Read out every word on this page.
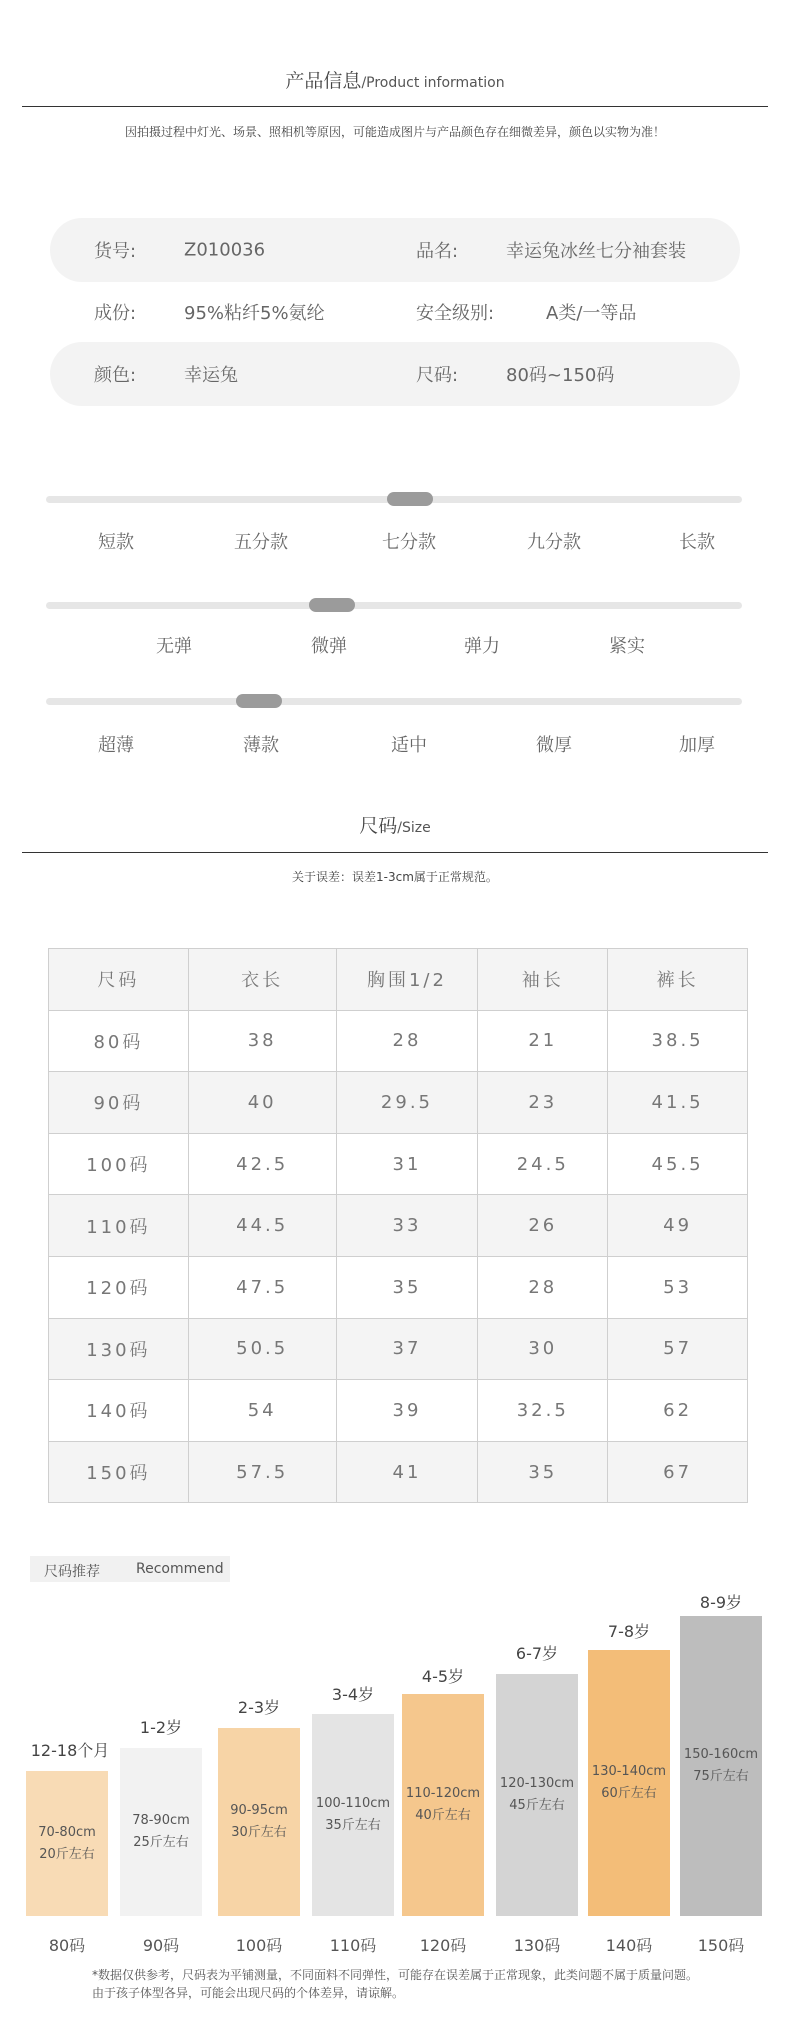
产品信息/Product information
因拍摄过程中灯光、场景、照相机等原因，可能造成图片与产品颜色存在细微差异，颜色以实物为准！
货号:	Z010036	品名:	幸运兔冰丝七分袖套装
成份:	95%粘纤5%氨纶	安全级别:	A类/一等品
颜色:	幸运兔	尺码:	80码~150码
短款	五分款	七分款	九分款	长款
无弹	微弹	弹力	紧实
超薄	薄款	适中	微厚	加厚
尺码/Size
关于误差：误差1-3cm属于正常规范。
尺码	衣长	胸围1/2	袖长	裤长
80码	38	28	21	38.5
90码	40	29.5	23	41.5
100码	42.5	31	24.5	45.5
110码	44.5	33	26	49
120码	47.5	35	28	53
130码	50.5	37	30	57
140码	54	39	32.5	62
150码	57.5	41	35	67
尺码推荐	Recommend
12-18个月
70-80cm
20斤左右
80码
1-2岁
78-90cm
25斤左右
90码
2-3岁
90-95cm
30斤左右
100码
3-4岁
100-110cm
35斤左右
110码
4-5岁
110-120cm
40斤左右
120码
6-7岁
120-130cm
45斤左右
130码
7-8岁
130-140cm
60斤左右
140码
8-9岁
150-160cm
75斤左右
150码
*数据仅供参考，尺码表为平铺测量，不同面料不同弹性，可能存在误差属于正常现象，此类问题不属于质量问题。
由于孩子体型各异，可能会出现尺码的个体差异，请谅解。
